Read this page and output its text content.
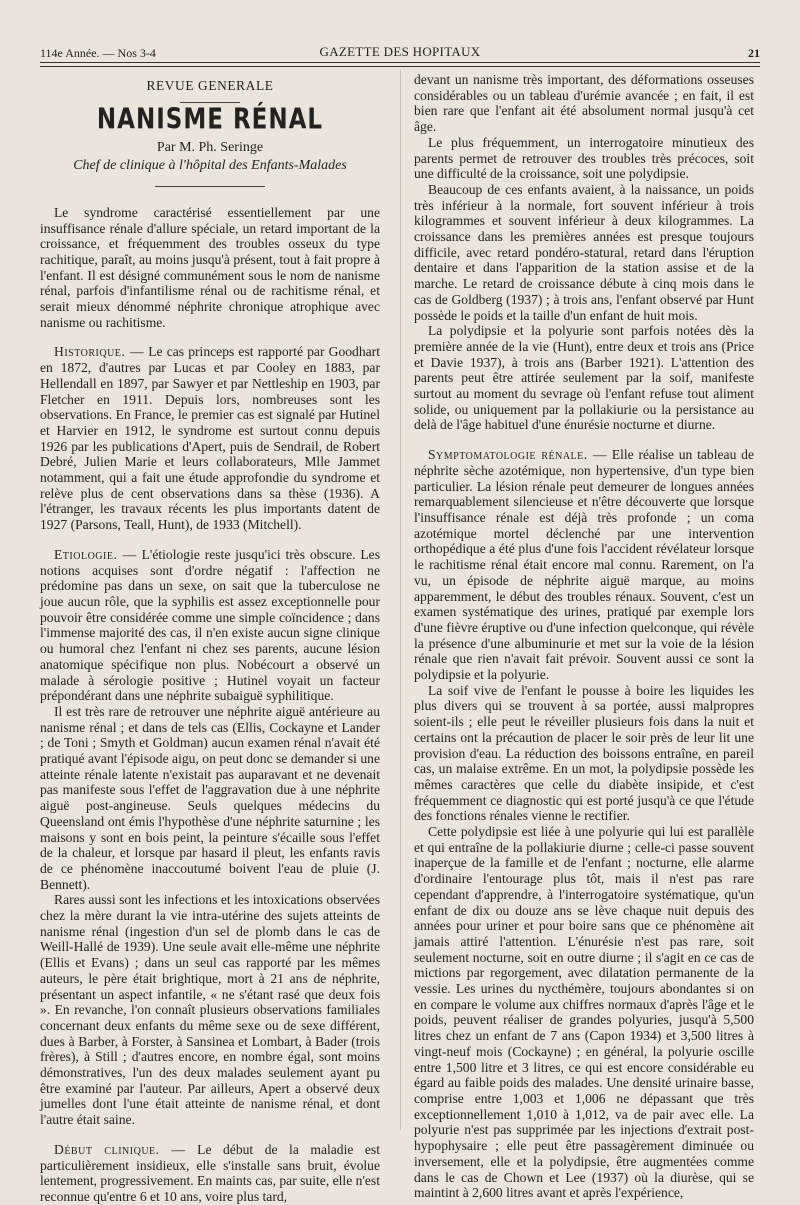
114e Année. — Nos 3-4	GAZETTE DES HOPITAUX	21
REVUE GENERALE
NANISME RÉNAL
Par M. Ph. Seringe
Chef de clinique à l'hôpital des Enfants-Malades

Le syndrome caractérisé essentiellement par une insuffisance rénale d'allure spéciale, un retard important de la croissance, et fréquemment des troubles osseux du type rachitique, paraît, au moins jusqu'à présent, tout à fait propre à l'enfant. Il est désigné communément sous le nom de nanisme rénal, parfois d'infantilisme rénal ou de rachitisme rénal, et serait mieux dénommé néphrite chronique atrophique avec nanisme ou rachitisme.

Historique. — Le cas princeps est rapporté par Goodhart en 1872, d'autres par Lucas et par Cooley en 1883, par Hellendall en 1897, par Sawyer et par Nettleship en 1903, par Fletcher en 1911. Depuis lors, nombreuses sont les observations. En France, le premier cas est signalé par Hutinel et Harvier en 1912, le syndrome est surtout connu depuis 1926 par les publications d'Apert, puis de Sendrail, de Robert Debré, Julien Marie et leurs collaborateurs, Mlle Jammet notamment, qui a fait une étude approfondie du syndrome et relève plus de cent observations dans sa thèse (1936). A l'étranger, les travaux récents les plus importants datent de 1927 (Parsons, Teall, Hunt), de 1933 (Mitchell).

Etiologie. — L'étiologie reste jusqu'ici très obscure. Les notions acquises sont d'ordre négatif : l'affection ne prédomine pas dans un sexe, on sait que la tuberculose ne joue aucun rôle, que la syphilis est assez exceptionnelle pour pouvoir être considérée comme une simple coïncidence ; dans l'immense majorité des cas, il n'en existe aucun signe clinique ou humoral chez l'enfant ni chez ses parents, aucune lésion anatomique spécifique non plus. Nobécourt a observé un malade à sérologie positive ; Hutinel voyait un facteur prépondérant dans une néphrite subaiguë syphilitique.

Il est très rare de retrouver une néphrite aiguë antérieure au nanisme rénal ; et dans de tels cas (Ellis, Cockayne et Lander ; de Toni ; Smyth et Goldman) aucun examen rénal n'avait été pratiqué avant l'épisode aigu, on peut donc se demander si une atteinte rénale latente n'existait pas auparavant et ne devenait pas manifeste sous l'effet de l'aggravation due à une néphrite aiguë post-angineuse. Seuls quelques médecins du Queensland ont émis l'hypothèse d'une néphrite saturnine ; les maisons y sont en bois peint, la peinture s'écaille sous l'effet de la chaleur, et lorsque par hasard il pleut, les enfants ravis de ce phénomène inaccoutumé boivent l'eau de pluie (J. Bennett).

Rares aussi sont les infections et les intoxications observées chez la mère durant la vie intra-utérine des sujets atteints de nanisme rénal (ingestion d'un sel de plomb dans le cas de Weill-Hallé de 1939). Une seule avait elle-même une néphrite (Ellis et Evans) ; dans un seul cas rapporté par les mêmes auteurs, le père était brightique, mort à 21 ans de néphrite, présentant un aspect infantile, « ne s'étant rasé que deux fois ». En revanche, l'on connaît plusieurs observations familiales concernant deux enfants du même sexe ou de sexe différent, dues à Barber, à Forster, à Sansinea et Lombart, à Bader (trois frères), à Still ; d'autres encore, en nombre égal, sont moins démonstratives, l'un des deux malades seulement ayant pu être examiné par l'auteur. Par ailleurs, Apert a observé deux jumelles dont l'une était atteinte de nanisme rénal, et dont l'autre était saine.

Début clinique. — Le début de la maladie est particulièrement insidieux, elle s'installe sans bruit, évolue lentement, progressivement. En maints cas, par suite, elle n'est reconnue qu'entre 6 et 10 ans, voire plus tard,

devant un nanisme très important, des déformations osseuses considérables ou un tableau d'urémie avancée ; en fait, il est bien rare que l'enfant ait été absolument normal jusqu'à cet âge.

Le plus fréquemment, un interrogatoire minutieux des parents permet de retrouver des troubles très précoces, soit une difficulté de la croissance, soit une polydipsie.

Beaucoup de ces enfants avaient, à la naissance, un poids très inférieur à la normale, fort souvent inférieur à trois kilogrammes et souvent inférieur à deux kilogrammes. La croissance dans les premières années est presque toujours difficile, avec retard pondéro-statural, retard dans l'éruption dentaire et dans l'apparition de la station assise et de la marche. Le retard de croissance débute à cinq mois dans le cas de Goldberg (1937) ; à trois ans, l'enfant observé par Hunt possède le poids et la taille d'un enfant de huit mois.

La polydipsie et la polyurie sont parfois notées dès la première année de la vie (Hunt), entre deux et trois ans (Price et Davie 1937), à trois ans (Barber 1921). L'attention des parents peut être attirée seulement par la soif, manifeste surtout au moment du sevrage où l'enfant refuse tout aliment solide, ou uniquement par la pollakiurie ou la persistance au delà de l'âge habituel d'une énurésie nocturne et diurne.

Symptomatologie rénale. — Elle réalise un tableau de néphrite sèche azotémique, non hypertensive, d'un type bien particulier. La lésion rénale peut demeurer de longues années remarquablement silencieuse et n'être découverte que lorsque l'insuffisance rénale est déjà très profonde ; un coma azotémique mortel déclenché par une intervention orthopédique a été plus d'une fois l'accident révélateur lorsque le rachitisme rénal était encore mal connu. Rarement, on l'a vu, un épisode de néphrite aiguë marque, au moins apparemment, le début des troubles rénaux. Souvent, c'est un examen systématique des urines, pratiqué par exemple lors d'une fièvre éruptive ou d'une infection quelconque, qui révèle la présence d'une albuminurie et met sur la voie de la lésion rénale que rien n'avait fait prévoir. Souvent aussi ce sont la polydipsie et la polyurie.

La soif vive de l'enfant le pousse à boire les liquides les plus divers qui se trouvent à sa portée, aussi malpropres soient-ils ; elle peut le réveiller plusieurs fois dans la nuit et certains ont la précaution de placer le soir près de leur lit une provision d'eau. La réduction des boissons entraîne, en pareil cas, un malaise extrême. En un mot, la polydipsie possède les mêmes caractères que celle du diabète insipide, et c'est fréquemment ce diagnostic qui est porté jusqu'à ce que l'étude des fonctions rénales vienne le rectifier.

Cette polydipsie est liée à une polyurie qui lui est parallèle et qui entraîne de la pollakiurie diurne ; celle-ci passe souvent inaperçue de la famille et de l'enfant ; nocturne, elle alarme d'ordinaire l'entourage plus tôt, mais il n'est pas rare cependant d'apprendre, à l'interrogatoire systématique, qu'un enfant de dix ou douze ans se lève chaque nuit depuis des années pour uriner et pour boire sans que ce phénomène ait jamais attiré l'attention. L'énurésie n'est pas rare, soit seulement nocturne, soit en outre diurne ; il s'agit en ce cas de mictions par regorgement, avec dilatation permanente de la vessie. Les urines du nycthémère, toujours abondantes si on en compare le volume aux chiffres normaux d'après l'âge et le poids, peuvent réaliser de grandes polyuries, jusqu'à 5,500 litres chez un enfant de 7 ans (Capon 1934) et 3,500 litres à vingt-neuf mois (Cockayne) ; en général, la polyurie oscille entre 1,500 litre et 3 litres, ce qui est encore considérable eu égard au faible poids des malades. Une densité urinaire basse, comprise entre 1,003 et 1,006 ne dépassant que très exceptionnellement 1,010 à 1,012, va de pair avec elle. La polyurie n'est pas supprimée par les injections d'extrait post-hypophysaire ; elle peut être passagèrement diminuée ou inversement, elle et la polydipsie, être augmentées comme dans le cas de Chown et Lee (1937) où la diurèse, qui se maintint à 2,600 litres avant et après l'expérience,
